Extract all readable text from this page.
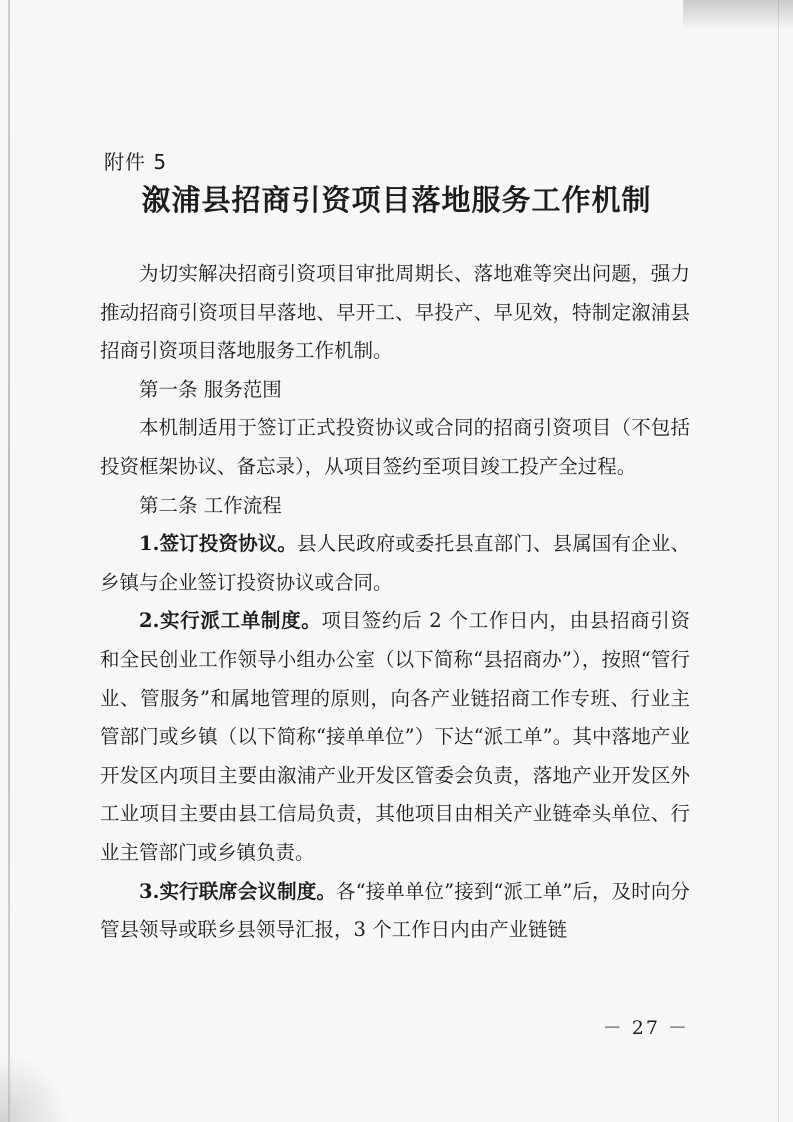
附件 5
溆浦县招商引资项目落地服务工作机制

为切实解决招商引资项目审批周期长、落地难等突出问题，强力推动招商引资项目早落地、早开工、早投产、早见效，特制定溆浦县招商引资项目落地服务工作机制。

第一条 服务范围

本机制适用于签订正式投资协议或合同的招商引资项目（不包括投资框架协议、备忘录），从项目签约至项目竣工投产全过程。

第二条 工作流程

1.签订投资协议。县人民政府或委托县直部门、县属国有企业、乡镇与企业签订投资协议或合同。

2.实行派工单制度。项目签约后 2 个工作日内，由县招商引资和全民创业工作领导小组办公室（以下简称“县招商办”），按照“管行业、管服务”和属地管理的原则，向各产业链招商工作专班、行业主管部门或乡镇（以下简称“接单单位”）下达“派工单”。其中落地产业开发区内项目主要由溆浦产业开发区管委会负责，落地产业开发区外工业项目主要由县工信局负责，其他项目由相关产业链牵头单位、行业主管部门或乡镇负责。

3.实行联席会议制度。各“接单单位”接到“派工单”后，及时向分管县领导或联乡县领导汇报，3 个工作日内由产业链链

－ 27 －
